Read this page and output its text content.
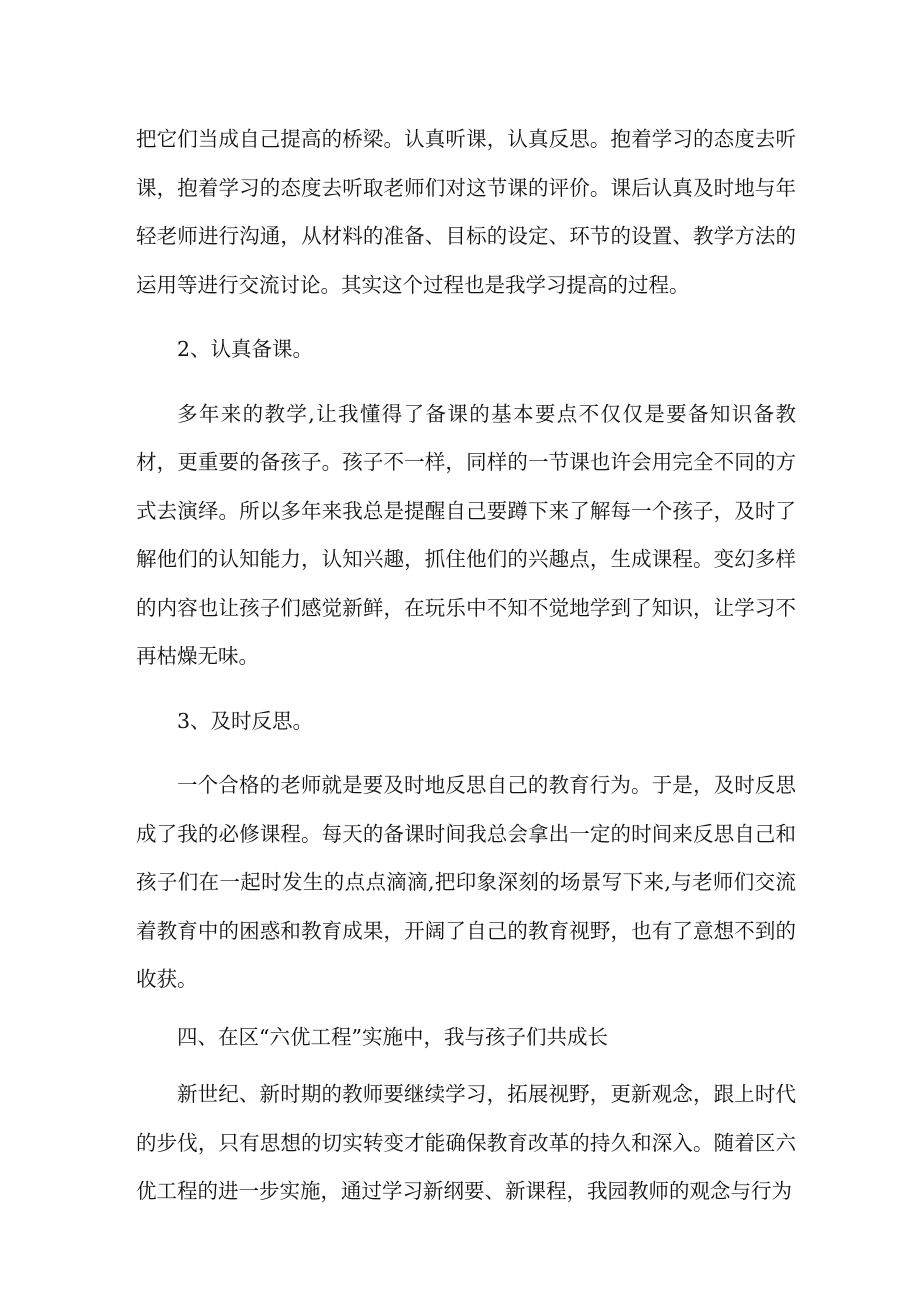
把它们当成自己提高的桥梁。认真听课，认真反思。抱着学习的态度去听课，抱着学习的态度去听取老师们对这节课的评价。课后认真及时地与年轻老师进行沟通，从材料的准备、目标的设定、环节的设置、教学方法的运用等进行交流讨论。其实这个过程也是我学习提高的过程。

2、认真备课。

多年来的教学,让我懂得了备课的基本要点不仅仅是要备知识备教材，更重要的备孩子。孩子不一样，同样的一节课也许会用完全不同的方式去演绎。所以多年来我总是提醒自己要蹲下来了解每一个孩子，及时了解他们的认知能力，认知兴趣，抓住他们的兴趣点，生成课程。变幻多样的内容也让孩子们感觉新鲜，在玩乐中不知不觉地学到了知识，让学习不再枯燥无味。

3、及时反思。

一个合格的老师就是要及时地反思自己的教育行为。于是，及时反思成了我的必修课程。每天的备课时间我总会拿出一定的时间来反思自己和孩子们在一起时发生的点点滴滴,把印象深刻的场景写下来,与老师们交流着教育中的困惑和教育成果，开阔了自己的教育视野，也有了意想不到的收获。

四、在区“六优工程”实施中，我与孩子们共成长

新世纪、新时期的教师要继续学习，拓展视野，更新观念，跟上时代的步伐，只有思想的切实转变才能确保教育改革的持久和深入。随着区六优工程的进一步实施，通过学习新纲要、新课程，我园教师的观念与行为
